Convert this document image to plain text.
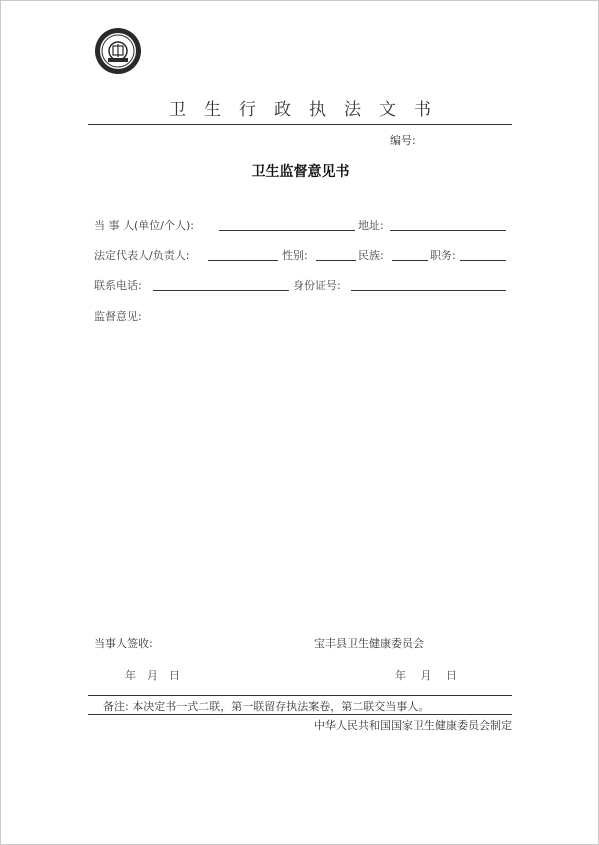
卫生行政执法文书
编号:
卫生监督意见书
当 事 人(单位/个人):	地址:
法定代表人/负责人:	性别:	民族:	职务:
联系电话:	身份证号:
监督意见:
当事人签收:	宝丰县卫生健康委员会
年　月　日	年　 月　 日
备注: 本决定书一式二联，第一联留存执法案卷，第二联交当事人。
中华人民共和国国家卫生健康委员会制定
